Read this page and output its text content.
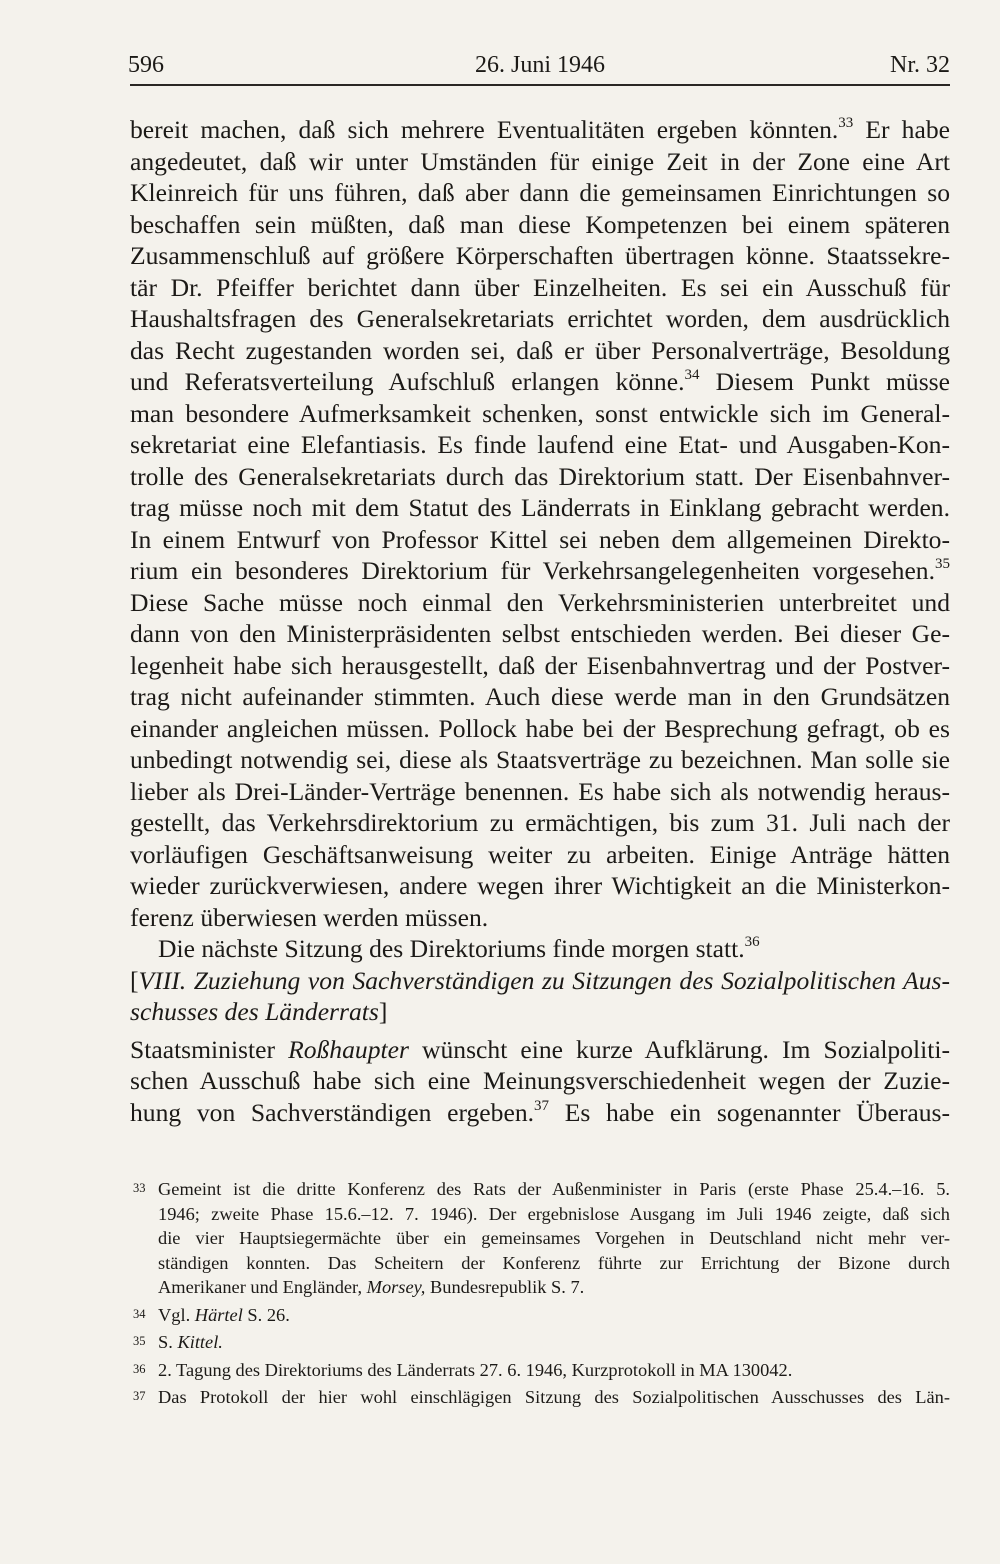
596	26. Juni 1946	Nr. 32

bereit machen, daß sich mehrere Eventualitäten ergeben könnten.$^{33}$ Er habe
angedeutet, daß wir unter Umständen für einige Zeit in der Zone eine Art
Kleinreich für uns führen, daß aber dann die gemeinsamen Einrichtungen so
beschaffen sein müßten, daß man diese Kompetenzen bei einem späteren
Zusammenschluß auf größere Körperschaften übertragen könne. Staatssekre-
tär Dr. Pfeiffer berichtet dann über Einzelheiten. Es sei ein Ausschuß für
Haushaltsfragen des Generalsekretariats errichtet worden, dem ausdrücklich
das Recht zugestanden worden sei, daß er über Personalverträge, Besoldung
und Referatsverteilung Aufschluß erlangen könne.$^{34}$ Diesem Punkt müsse
man besondere Aufmerksamkeit schenken, sonst entwickle sich im General-
sekretariat eine Elefantiasis. Es finde laufend eine Etat- und Ausgaben-Kon-
trolle des Generalsekretariats durch das Direktorium statt. Der Eisenbahnver-
trag müsse noch mit dem Statut des Länderrats in Einklang gebracht werden.
In einem Entwurf von Professor Kittel sei neben dem allgemeinen Direkto-
rium ein besonderes Direktorium für Verkehrsangelegenheiten vorgesehen.$^{35}$
Diese Sache müsse noch einmal den Verkehrsministerien unterbreitet und
dann von den Ministerpräsidenten selbst entschieden werden. Bei dieser Ge-
legenheit habe sich herausgestellt, daß der Eisenbahnvertrag und der Postver-
trag nicht aufeinander stimmten. Auch diese werde man in den Grundsätzen
einander angleichen müssen. Pollock habe bei der Besprechung gefragt, ob es
unbedingt notwendig sei, diese als Staatsverträge zu bezeichnen. Man solle sie
lieber als Drei-Länder-Verträge benennen. Es habe sich als notwendig heraus-
gestellt, das Verkehrsdirektorium zu ermächtigen, bis zum 31. Juli nach der
vorläufigen Geschäftsanweisung weiter zu arbeiten. Einige Anträge hätten
wieder zurückverwiesen, andere wegen ihrer Wichtigkeit an die Ministerkon-
ferenz überwiesen werden müssen.

Die nächste Sitzung des Direktoriums finde morgen statt.$^{36}$

[VIII. Zuziehung von Sachverständigen zu Sitzungen des Sozialpolitischen Aus-
schusses des Länderrats]

Staatsminister Roßhaupter wünscht eine kurze Aufklärung. Im Sozialpoliti-
schen Ausschuß habe sich eine Meinungsverschiedenheit wegen der Zuzie-
hung von Sachverständigen ergeben.$^{37}$ Es habe ein sogenannter Überaus-

33 Gemeint ist die dritte Konferenz des Rats der Außenminister in Paris (erste Phase 25.4.–16. 5.
1946; zweite Phase 15.6.–12. 7. 1946). Der ergebnislose Ausgang im Juli 1946 zeigte, daß sich
die vier Hauptsiegermächte über ein gemeinsames Vorgehen in Deutschland nicht mehr ver-
ständigen konnten. Das Scheitern der Konferenz führte zur Errichtung der Bizone durch
Amerikaner und Engländer, Morsey, Bundesrepublik S. 7.
34 Vgl. Härtel S. 26.
35 S. Kittel.
36 2. Tagung des Direktoriums des Länderrats 27. 6. 1946, Kurzprotokoll in MA 130042.
37 Das Protokoll der hier wohl einschlägigen Sitzung des Sozialpolitischen Ausschusses des Län-
